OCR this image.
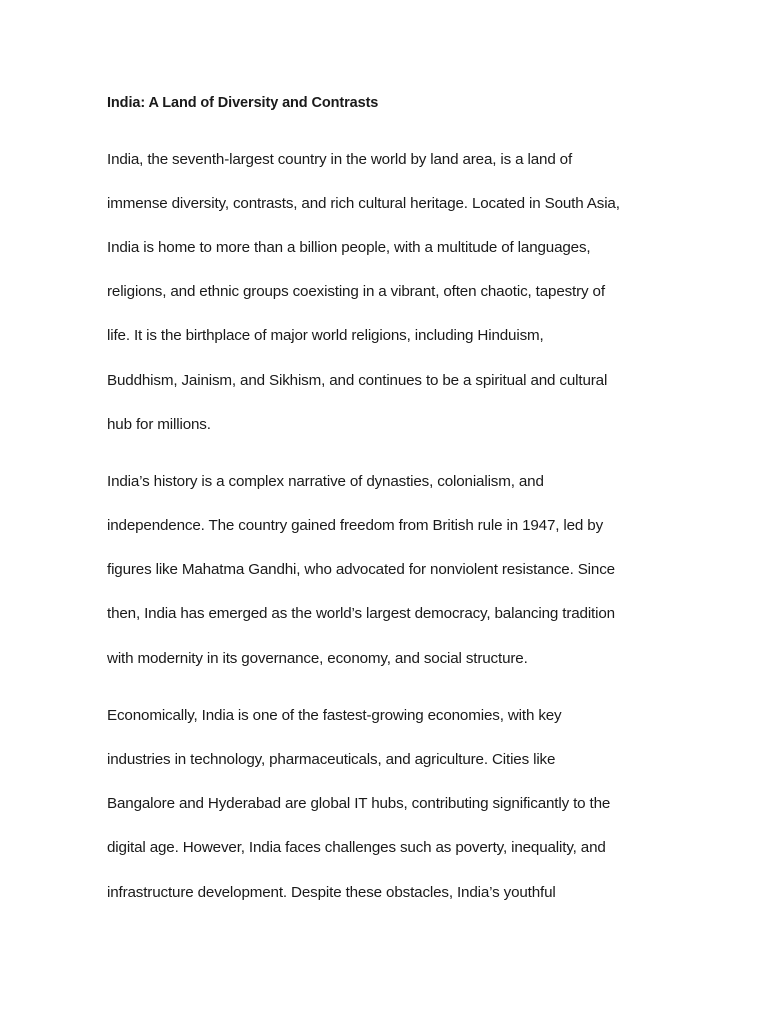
India: A Land of Diversity and Contrasts

India, the seventh-largest country in the world by land area, is a land of

immense diversity, contrasts, and rich cultural heritage. Located in South Asia,

India is home to more than a billion people, with a multitude of languages,

religions, and ethnic groups coexisting in a vibrant, often chaotic, tapestry of

life. It is the birthplace of major world religions, including Hinduism,

Buddhism, Jainism, and Sikhism, and continues to be a spiritual and cultural

hub for millions.

India’s history is a complex narrative of dynasties, colonialism, and

independence. The country gained freedom from British rule in 1947, led by

figures like Mahatma Gandhi, who advocated for nonviolent resistance. Since

then, India has emerged as the world’s largest democracy, balancing tradition

with modernity in its governance, economy, and social structure.

Economically, India is one of the fastest-growing economies, with key

industries in technology, pharmaceuticals, and agriculture. Cities like

Bangalore and Hyderabad are global IT hubs, contributing significantly to the

digital age. However, India faces challenges such as poverty, inequality, and

infrastructure development. Despite these obstacles, India’s youthful
